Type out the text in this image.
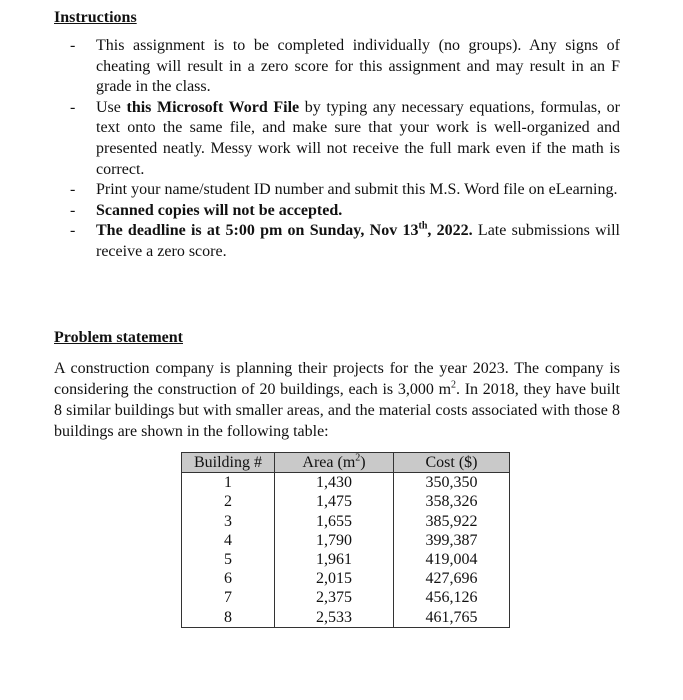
Instructions
- This assignment is to be completed individually (no groups). Any signs of cheating will result in a zero score for this assignment and may result in an F grade in the class.
- Use this Microsoft Word File by typing any necessary equations, formulas, or text onto the same file, and make sure that your work is well-organized and presented neatly. Messy work will not receive the full mark even if the math is correct.
- Print your name/student ID number and submit this M.S. Word file on eLearning.
- Scanned copies will not be accepted.
- The deadline is at 5:00 pm on Sunday, Nov 13th, 2022. Late submissions will receive a zero score.
Problem statement

A construction company is planning their projects for the year 2023. The company is considering the construction of 20 buildings, each is 3,000 $m^2$. In 2018, they have built 8 similar buildings but with smaller areas, and the material costs associated with those 8 buildings are shown in the following table:

Building #	Area $(m^2)$	Cost ($)
1	1,430	350,350
2	1,475	358,326
3	1,655	385,922
4	1,790	399,387
5	1,961	419,004
6	2,015	427,696
7	2,375	456,126
8	2,533	461,765
